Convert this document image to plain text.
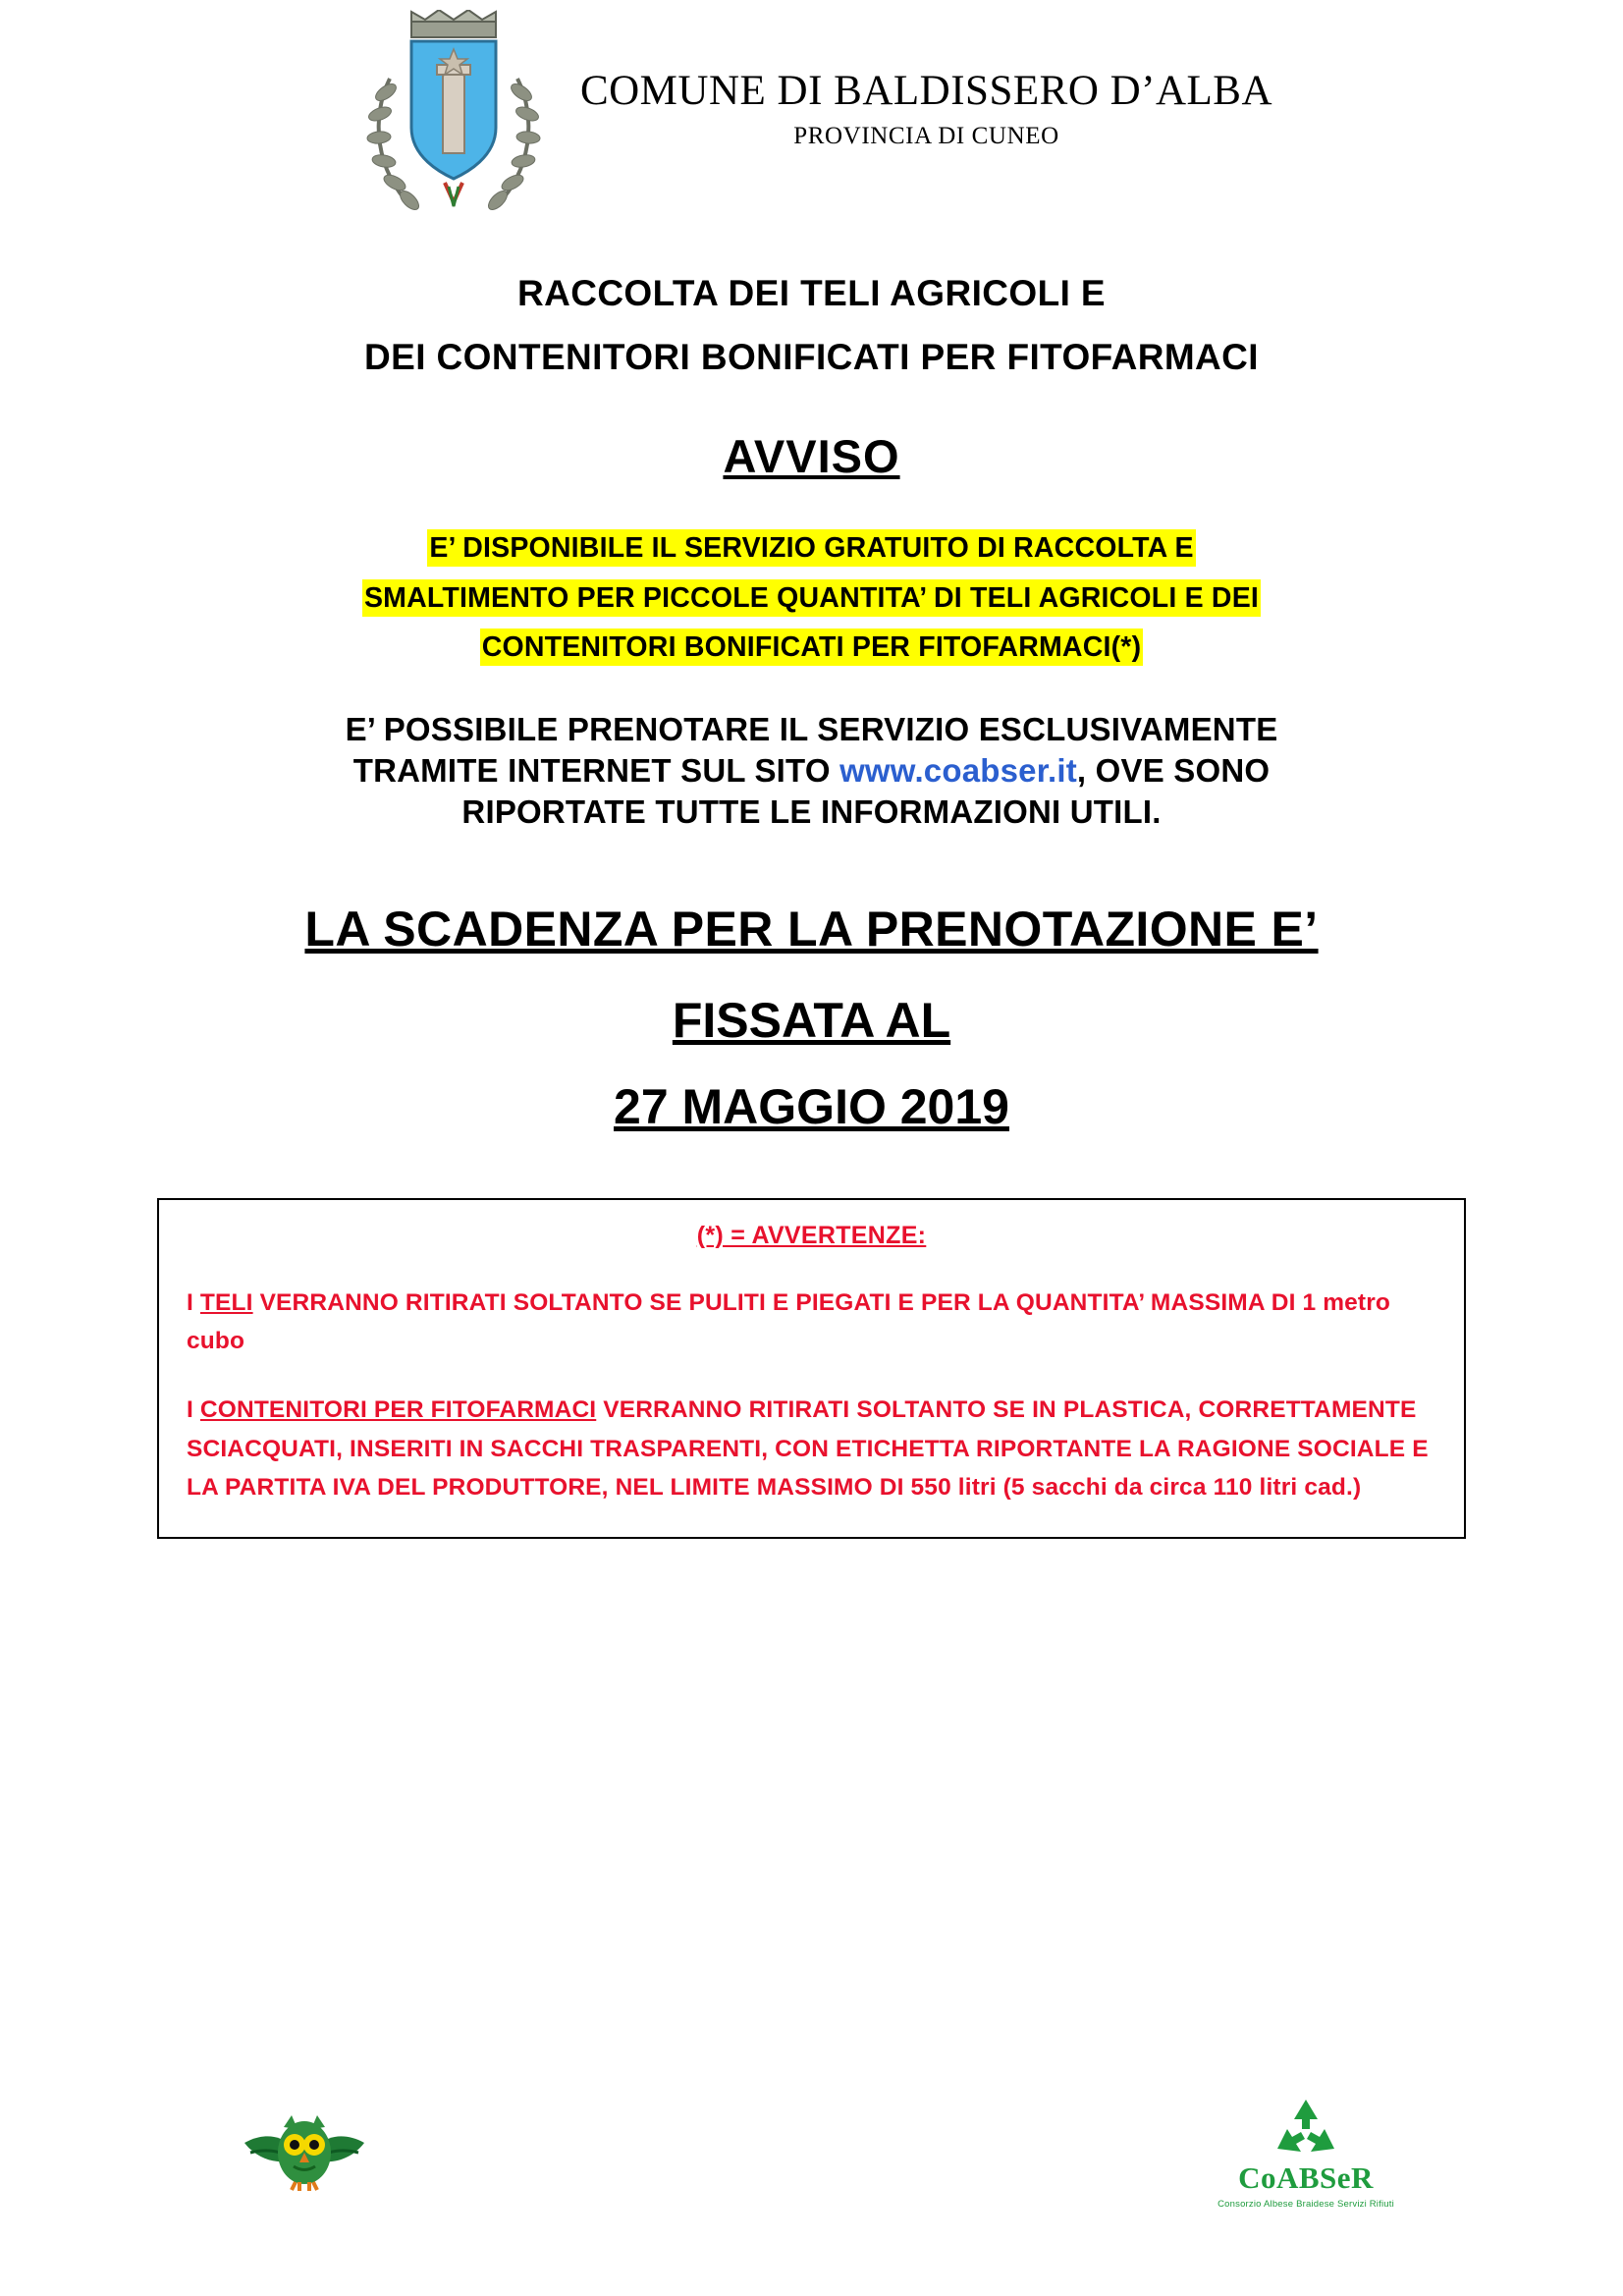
COMUNE DI BALDISSERO D’ALBA
PROVINCIA DI CUNEO
RACCOLTA DEI TELI AGRICOLI E
DEI CONTENITORI BONIFICATI PER FITOFARMACI
AVVISO
E’ DISPONIBILE IL SERVIZIO GRATUITO DI RACCOLTA E
SMALTIMENTO PER PICCOLE QUANTITA’ DI TELI AGRICOLI E DEI
CONTENITORI BONIFICATI PER FITOFARMACI(*)
E’ POSSIBILE PRENOTARE IL SERVIZIO ESCLUSIVAMENTE
TRAMITE INTERNET SUL SITO www.coabser.it, OVE SONO
RIPORTATE TUTTE LE INFORMAZIONI UTILI.
LA SCADENZA PER LA PRENOTAZIONE E’
FISSATA AL
27 MAGGIO 2019
(*) = AVVERTENZE:
I TELI VERRANNO RITIRATI SOLTANTO SE PULITI E PIEGATI E PER LA QUANTITA’ MASSIMA DI 1 metro cubo
I CONTENITORI PER FITOFARMACI VERRANNO RITIRATI SOLTANTO SE IN PLASTICA, CORRETTAMENTE SCIACQUATI, INSERITI IN SACCHI TRASPARENTI, CON ETICHETTA RIPORTANTE LA RAGIONE SOCIALE E LA PARTITA IVA DEL PRODUTTORE, NEL LIMITE MASSIMO DI 550 litri (5 sacchi da circa 110 litri cad.)
CoABSeR
Consorzio Albese Braidese Servizi Rifiuti
